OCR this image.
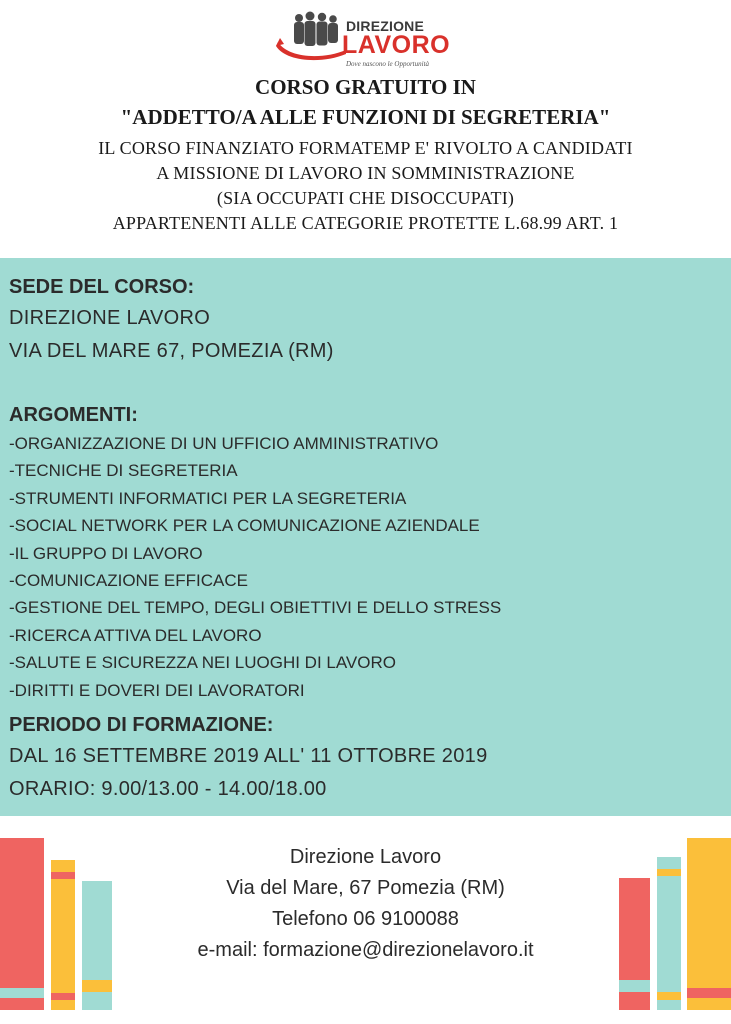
DIREZIONE
LAVORO
Dove nascono le Opportunità

CORSO GRATUITO IN

"ADDETTO/A ALLE FUNZIONI DI SEGRETERIA"

IL CORSO FINANZIATO FORMATEMP E' RIVOLTO A CANDIDATI

A MISSIONE DI LAVORO IN SOMMINISTRAZIONE

(SIA OCCUPATI CHE DISOCCUPATI)

APPARTENENTI ALLE CATEGORIE PROTETTE L.68.99 ART. 1

SEDE DEL CORSO:

DIREZIONE LAVORO

VIA DEL MARE 67, POMEZIA (RM)

ARGOMENTI:

-ORGANIZZAZIONE DI UN UFFICIO AMMINISTRATIVO
-TECNICHE DI SEGRETERIA
-STRUMENTI INFORMATICI PER LA SEGRETERIA
-SOCIAL NETWORK PER LA COMUNICAZIONE AZIENDALE
-IL GRUPPO DI LAVORO
-COMUNICAZIONE EFFICACE
-GESTIONE DEL TEMPO, DEGLI OBIETTIVI E DELLO STRESS
-RICERCA ATTIVA DEL LAVORO
-SALUTE E SICUREZZA NEI LUOGHI DI LAVORO
-DIRITTI E DOVERI DEI LAVORATORI

PERIODO DI FORMAZIONE:

DAL 16 SETTEMBRE 2019 ALL' 11 OTTOBRE 2019

ORARIO: 9.00/13.00 - 14.00/18.00

Direzione Lavoro

Via del Mare, 67 Pomezia (RM)

Telefono 06 9100088

e-mail: formazione@direzionelavoro.it
